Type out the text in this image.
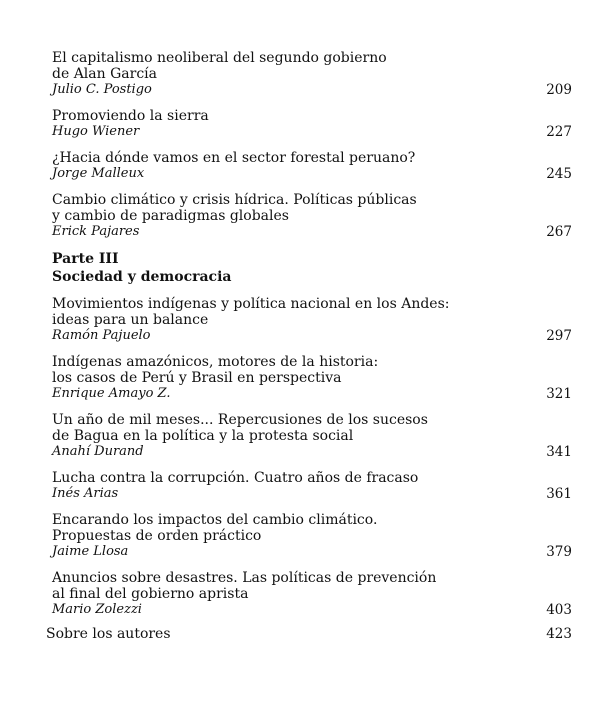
El capitalismo neoliberal del segundo gobierno
de Alan García
Julio C. Postigo	209
Promoviendo la sierra
Hugo Wiener	227
¿Hacia dónde vamos en el sector forestal peruano?
Jorge Malleux	245
Cambio climático y crisis hídrica. Políticas públicas
y cambio de paradigmas globales
Erick Pajares	267
Parte III
Sociedad y democracia
Movimientos indígenas y política nacional en los Andes:
ideas para un balance
Ramón Pajuelo	297
Indígenas amazónicos, motores de la historia:
los casos de Perú y Brasil en perspectiva
Enrique Amayo Z.	321
Un año de mil meses... Repercusiones de los sucesos
de Bagua en la política y la protesta social
Anahí Durand	341
Lucha contra la corrupción. Cuatro años de fracaso
Inés Arias	361
Encarando los impactos del cambio climático.
Propuestas de orden práctico
Jaime Llosa	379
Anuncios sobre desastres. Las políticas de prevención
al final del gobierno aprista
Mario Zolezzi	403
Sobre los autores	423
